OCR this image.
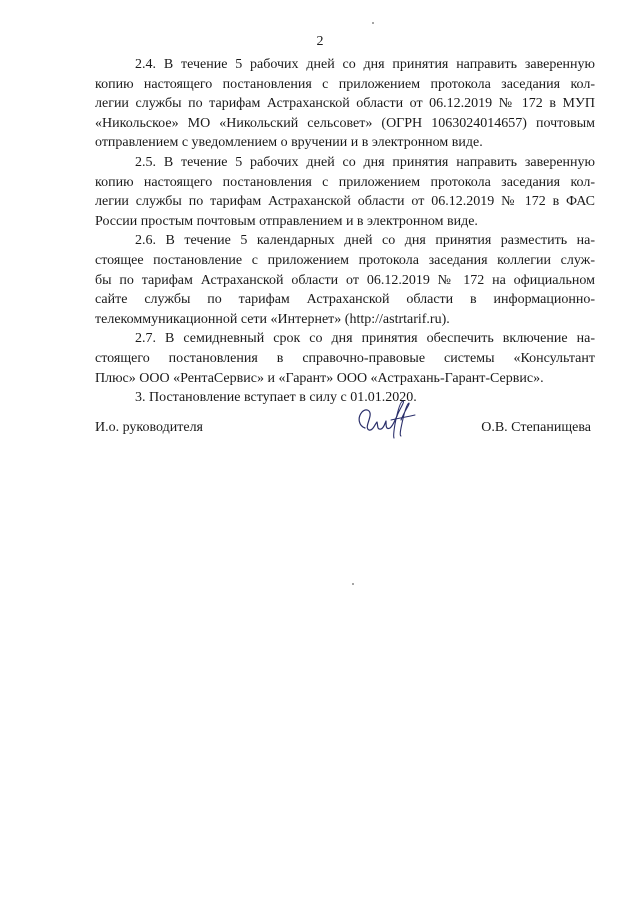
2
2.4. В течение 5 рабочих дней со дня принятия направить заверенную
копию настоящего постановления с приложением протокола заседания кол-
легии службы по тарифам Астраханской области от 06.12.2019 № 172 в МУП
«Никольское» МО «Никольский сельсовет» (ОГРН 1063024014657) почтовым
отправлением с уведомлением о вручении и в электронном виде.
2.5. В течение 5 рабочих дней со дня принятия направить заверенную
копию настоящего постановления с приложением протокола заседания кол-
легии службы по тарифам Астраханской области от 06.12.2019 № 172 в ФАС
России простым почтовым отправлением и в электронном виде.
2.6. В течение 5 календарных дней со дня принятия разместить на-
стоящее постановление с приложением протокола заседания коллегии служ-
бы по тарифам Астраханской области от 06.12.2019 № 172 на официальном
сайте службы по тарифам Астраханской области в информационно-
телекоммуникационной сети «Интернет» (http://astrtarif.ru).
2.7. В семидневный срок со дня принятия обеспечить включение на-
стоящего постановления в справочно-правовые системы «Консультант
Плюс» ООО «РентаСервис» и «Гарант» ООО «Астрахань-Гарант-Сервис».
3. Постановление вступает в силу с 01.01.2020.
И.о. руководителя	О.В. Степанищева
